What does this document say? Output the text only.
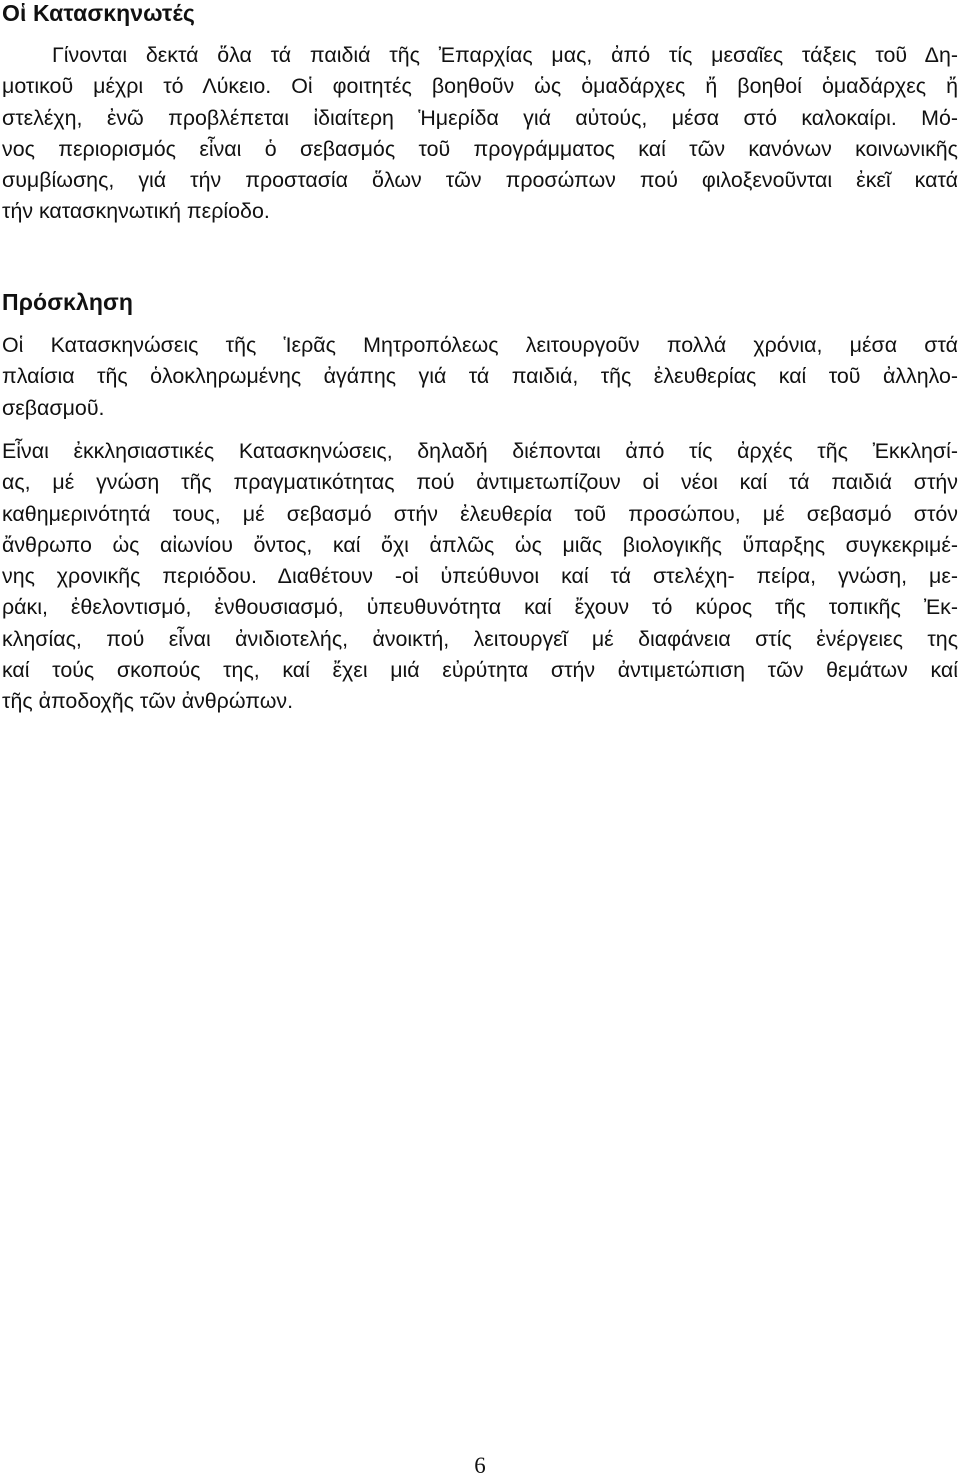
Οἱ Κατασκηνωτές

Γίνονται δεκτά ὅλα τά παιδιά τῆς Ἐπαρχίας μας, ἀπό τίς μεσαῖες τάξεις τοῦ Δη-
μοτικοῦ μέχρι τό Λύκειο. Οἱ φοιτητές βοηθοῦν ὡς ὁμαδάρχες ἤ βοηθοί ὁμαδάρχες ἤ
στελέχη, ἐνῶ προβλέπεται ἰδιαίτερη Ἡμερίδα γιά αὐτούς, μέσα στό καλοκαίρι. Μό-
νος περιορισμός εἶναι ὁ σεβασμός τοῦ προγράμματος καί τῶν κανόνων κοινωνικῆς
συμβίωσης, γιά τήν προστασία ὅλων τῶν προσώπων πού φιλοξενοῦνται ἐκεῖ κατά
τήν κατασκηνωτική περίοδο.

Πρόσκληση

Οἱ Κατασκηνώσεις τῆς Ἱερᾶς Μητροπόλεως λειτουργοῦν πολλά χρόνια, μέσα στά
πλαίσια τῆς ὁλοκληρωμένης ἀγάπης γιά τά παιδιά, τῆς ἐλευθερίας καί τοῦ ἀλληλο-
σεβασμοῦ.

Εἶναι ἐκκλησιαστικές Κατασκηνώσεις, δηλαδή διέπονται ἀπό τίς ἀρχές τῆς Ἐκκλησί-
ας, μέ γνώση τῆς πραγματικότητας πού ἀντιμετωπίζουν οἱ νέοι καί τά παιδιά στήν
καθημερινότητά τους, μέ σεβασμό στήν ἐλευθερία τοῦ προσώπου, μέ σεβασμό στόν
ἄνθρωπο ὡς αἰωνίου ὄντος, καί ὄχι ἁπλῶς ὡς μιᾶς βιολογικῆς ὕπαρξης συγκεκριμέ-
νης χρονικῆς περιόδου. Διαθέτουν -οἱ ὑπεύθυνοι καί τά στελέχη- πείρα, γνώση, με-
ράκι, ἐθελοντισμό, ἐνθουσιασμό, ὑπευθυνότητα καί ἔχουν τό κύρος τῆς τοπικῆς Ἐκ-
κλησίας, πού εἶναι ἀνιδιοτελής, ἀνοικτή, λειτουργεῖ μέ διαφάνεια στίς ἐνέργειες της
καί τούς σκοπούς της, καί ἔχει μιά εὐρύτητα στήν ἀντιμετώπιση τῶν θεμάτων καί
τῆς ἀποδοχῆς τῶν ἀνθρώπων.

6
